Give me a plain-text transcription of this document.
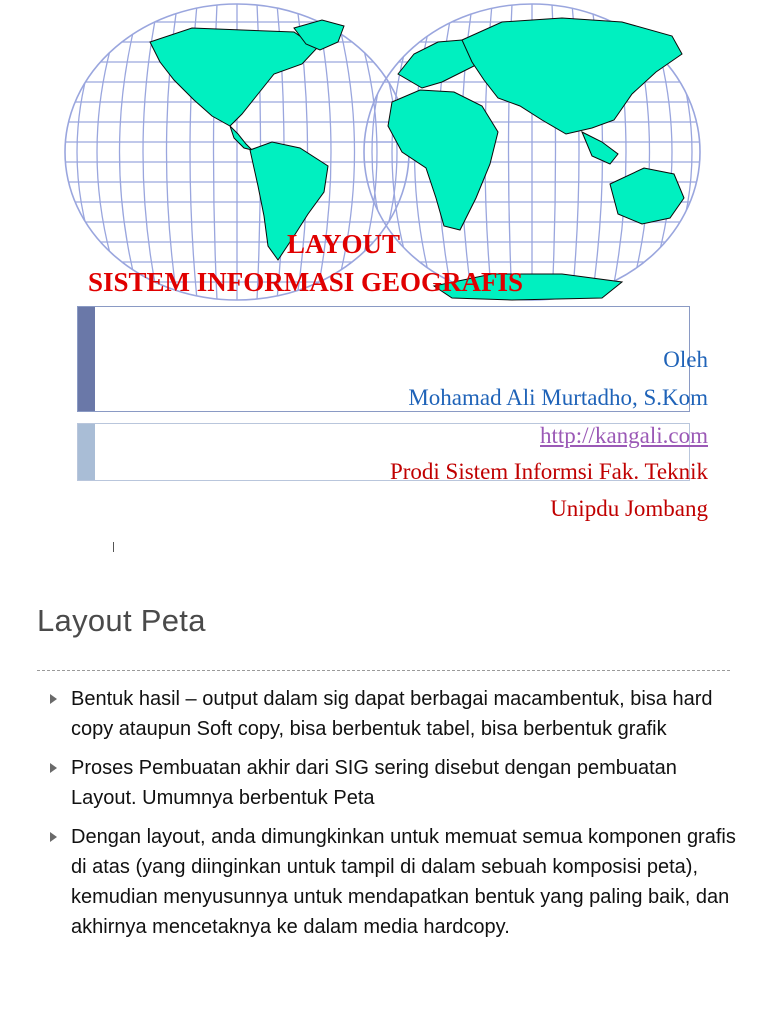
LAYOUT
SISTEM INFORMASI GEOGRAFIS
Oleh
Mohamad Ali Murtadho, S.Kom
http://kangali.com
Prodi Sistem Informsi Fak. Teknik
Unipdu Jombang
Layout Peta
Bentuk hasil – output dalam sig dapat berbagai macambentuk, bisa hard copy ataupun Soft copy, bisa berbentuk tabel, bisa berbentuk grafik
Proses Pembuatan akhir dari SIG sering disebut dengan pembuatan Layout. Umumnya berbentuk Peta
Dengan layout, anda dimungkinkan untuk memuat semua komponen grafis di atas (yang diinginkan untuk tampil di dalam sebuah komposisi peta), kemudian menyusunnya untuk mendapatkan bentuk yang paling baik, dan akhirnya mencetaknya ke dalam media hardcopy.
